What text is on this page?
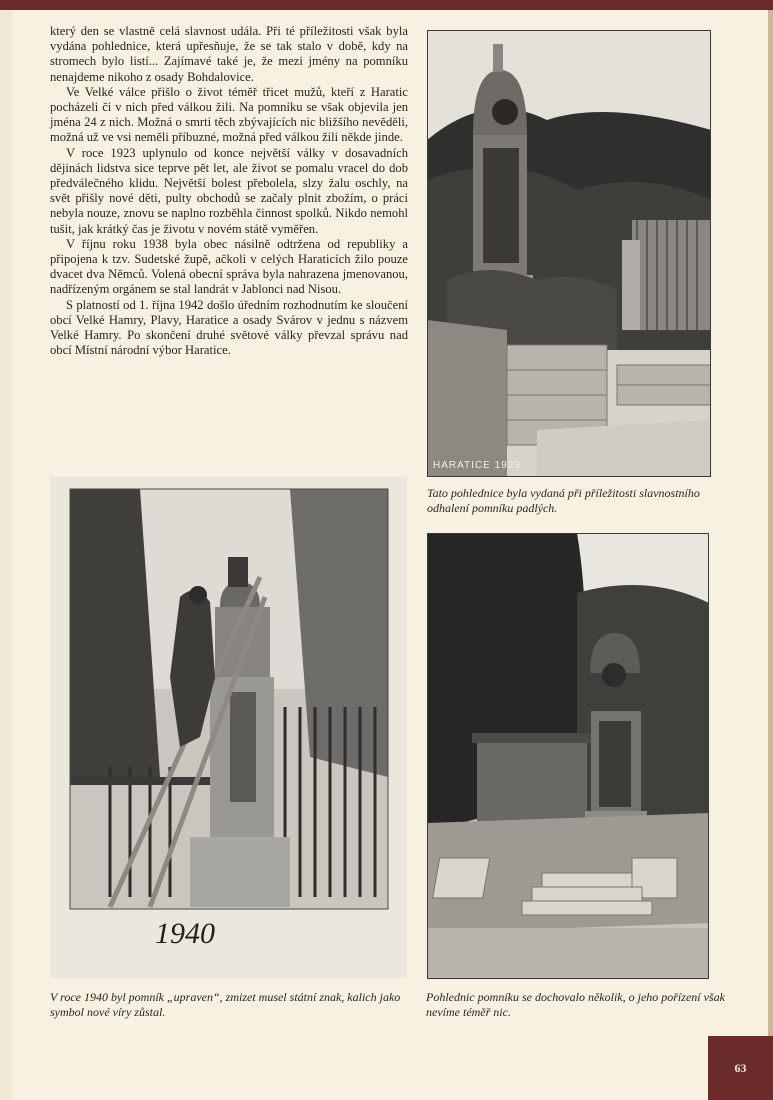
který den se vlastně celá slavnost udála. Při té příležitosti však byla vydána pohlednice, která upřesňuje, že se tak stalo v době, kdy na stromech bylo listí... Zajímavé také je, že mezi jmény na pomníku nenajdeme nikoho z osady Bohdalovice.

Ve Velké válce přišlo o život téměř třicet mužů, kteří z Haratic pocházeli či v nich před válkou žili. Na pomníku se však objevila jen jména 24 z nich. Možná o smrti těch zbývajících nic bližšího nevěděli, možná už ve vsi neměli příbuzné, možná před válkou žili někde jinde.

V roce 1923 uplynulo od konce největší války v dosavadních dějinách lidstva sice teprve pět let, ale život se pomalu vracel do dob předválečného klidu. Největší bolest přebolela, slzy žalu oschly, na svět přišly nové děti, pulty obchodů se začaly plnit zbožím, o práci nebyla nouze, znovu se naplno rozběhla činnost spolků. Nikdo nemohl tušit, jak krátký čas je životu v novém státě vyměřen.

V říjnu roku 1938 byla obec násilně odtržena od republiky a připojena k tzv. Sudetské župě, ačkoli v celých Haraticích žilo pouze dvacet dva Němců. Volená obecní správa byla nahrazena jmenovanou, nadřízeným orgánem se stal landrát v Jablonci nad Nisou.

S platností od 1. října 1942 došlo úředním rozhodnutím ke sloučení obcí Velké Hamry, Plavy, Haratice a osady Svárov v jednu s názvem Velké Hamry. Po skončení druhé světové války převzal správu nad obcí Místní národní výbor Haratice.

HARATICE 1923
Tato pohlednice byla vydaná při příležitosti slavnostního odhalení pomníku padlých.
1940
V roce 1940 byl pomník „upraven“, zmizet musel státní znak, kalich jako symbol nové víry zůstal.
Pohlednic pomníku se dochovalo několik, o jeho pořízení však nevíme téměř nic.
63
